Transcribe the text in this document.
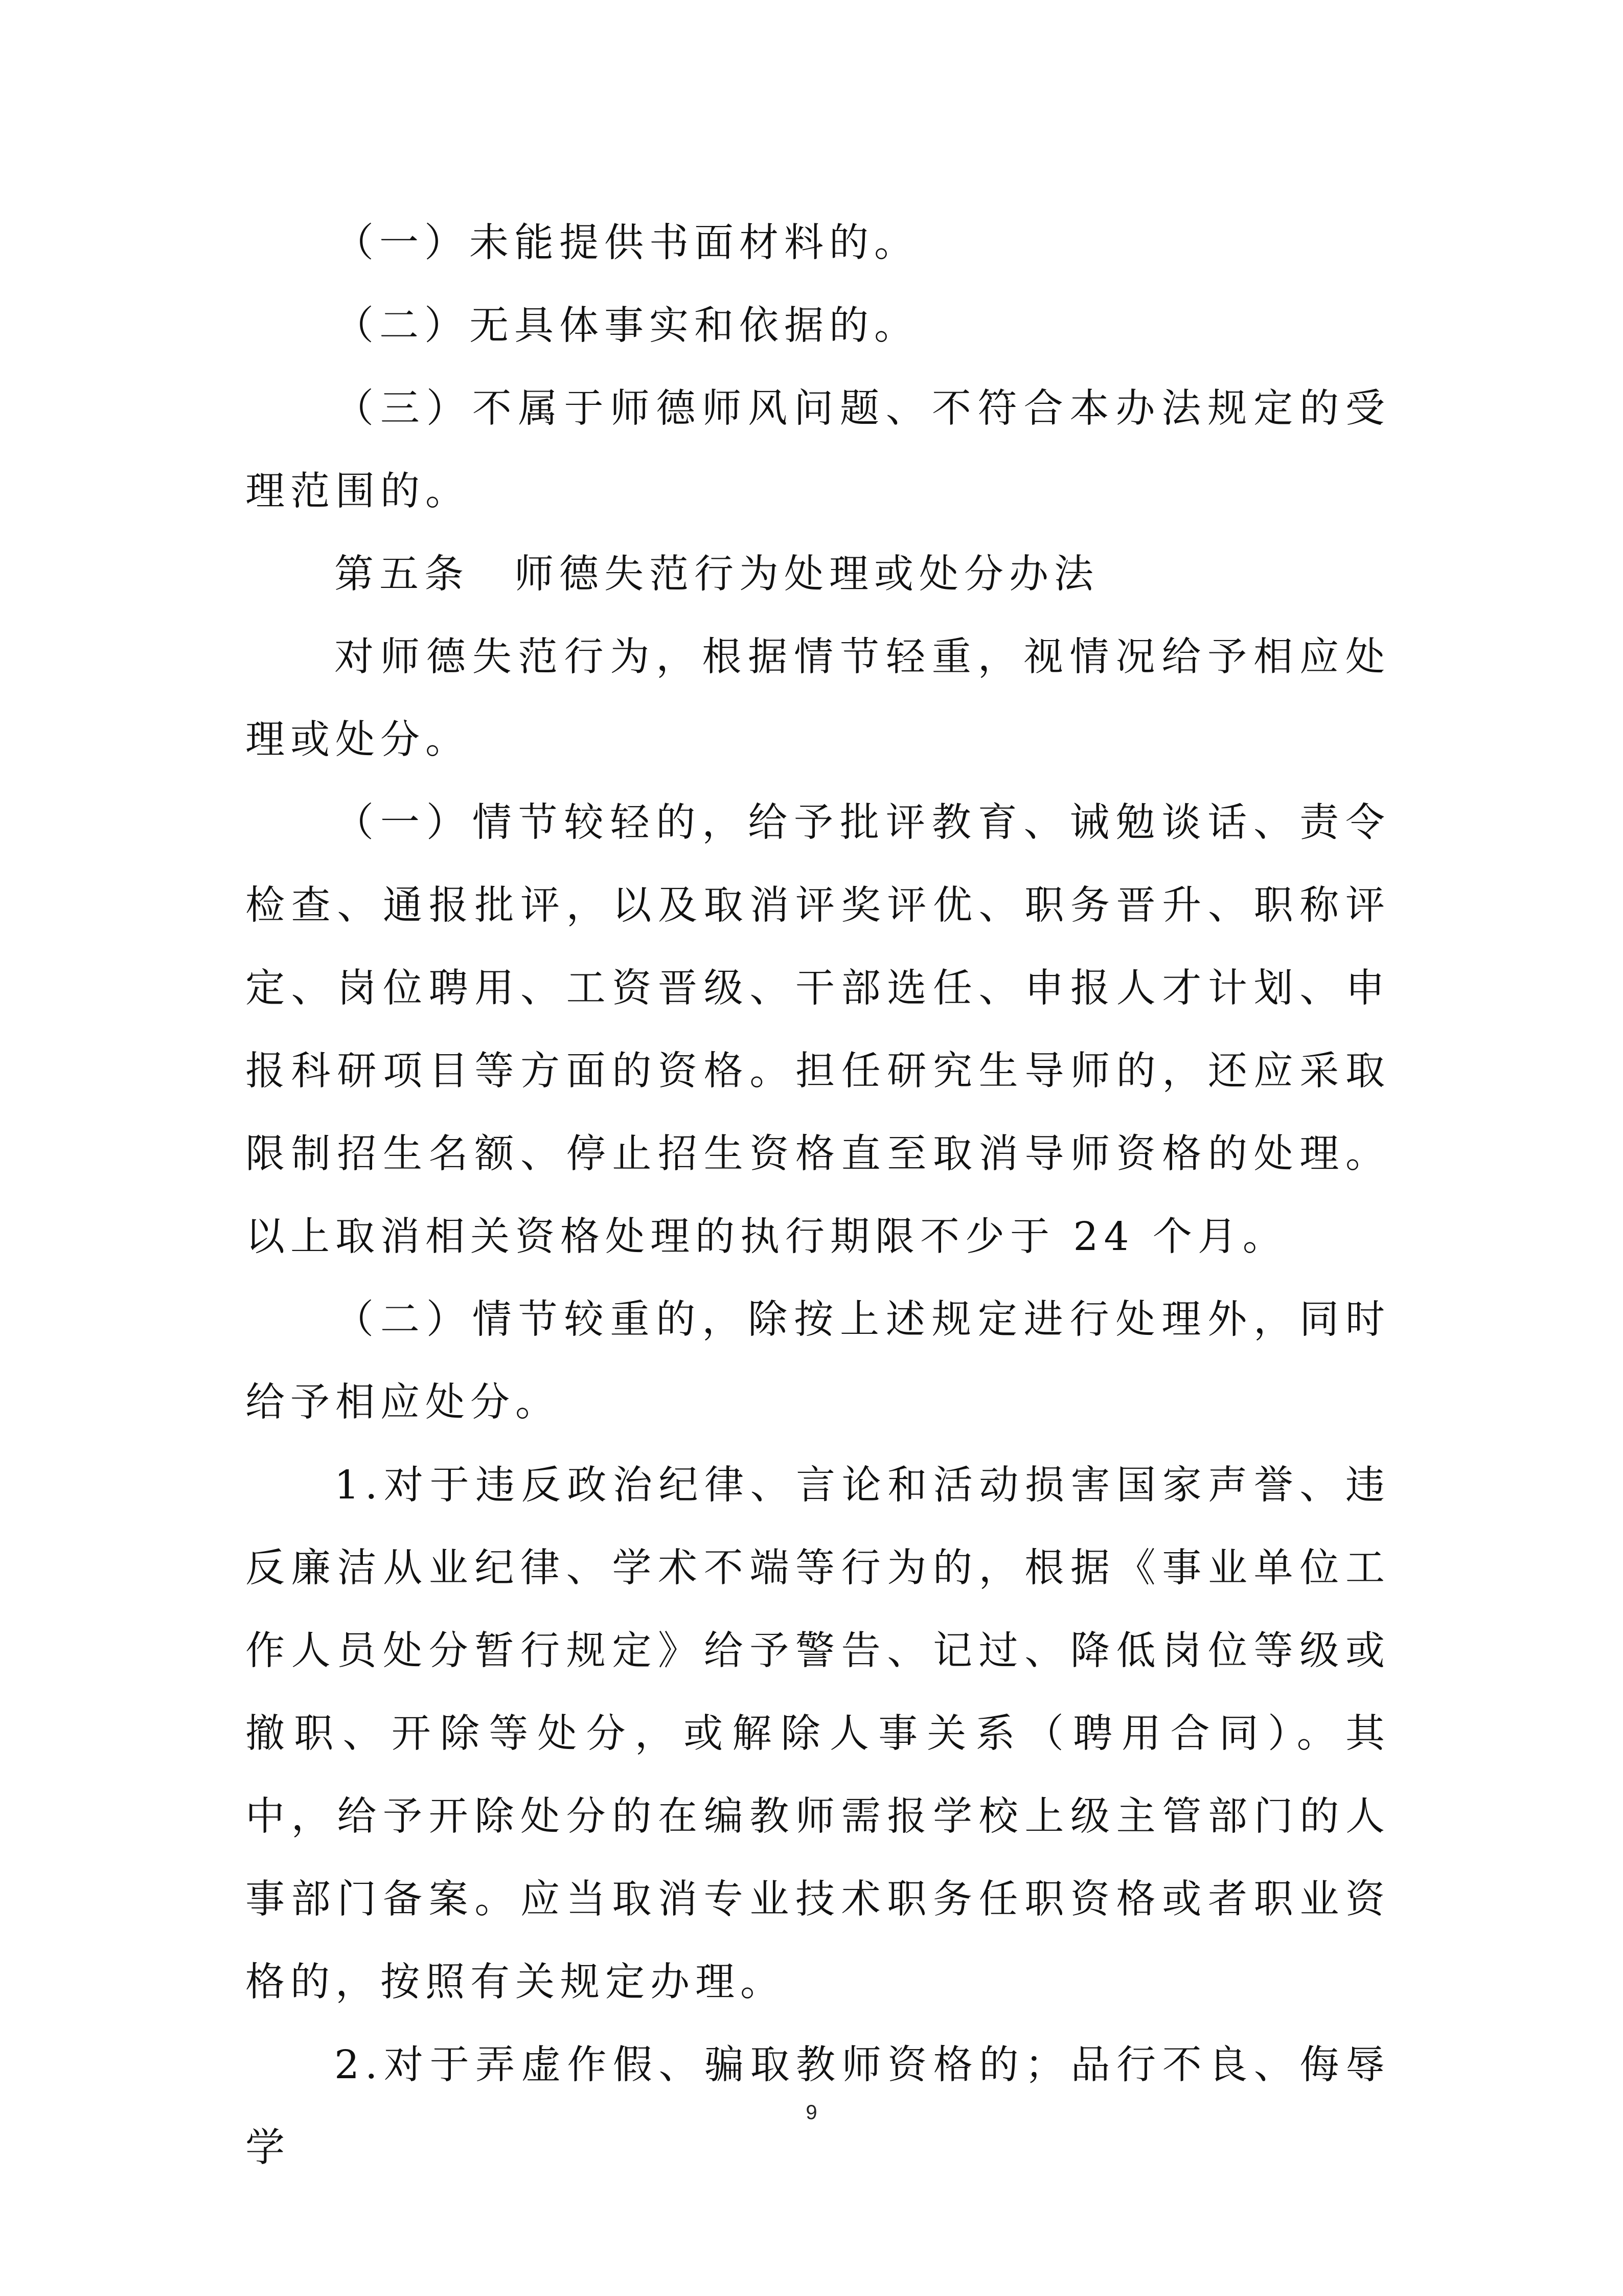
（一）未能提供书面材料的。

（二）无具体事实和依据的。

（三）不属于师德师风问题、不符合本办法规定的受理范围的。

第五条　师德失范行为处理或处分办法

对师德失范行为，根据情节轻重，视情况给予相应处理或处分。

（一）情节较轻的，给予批评教育、诫勉谈话、责令检查、通报批评，以及取消评奖评优、职务晋升、职称评定、岗位聘用、工资晋级、干部选任、申报人才计划、申报科研项目等方面的资格。担任研究生导师的，还应采取限制招生名额、停止招生资格直至取消导师资格的处理。以上取消相关资格处理的执行期限不少于 24 个月。

（二）情节较重的，除按上述规定进行处理外，同时给予相应处分。

1.对于违反政治纪律、言论和活动损害国家声誉、违反廉洁从业纪律、学术不端等行为的，根据《事业单位工作人员处分暂行规定》给予警告、记过、降低岗位等级或撤职、开除等处分，或解除人事关系（聘用合同）。其中，给予开除处分的在编教师需报学校上级主管部门的人事部门备案。应当取消专业技术职务任职资格或者职业资格的，按照有关规定办理。

2.对于弄虚作假、骗取教师资格的；品行不良、侮辱学

9
